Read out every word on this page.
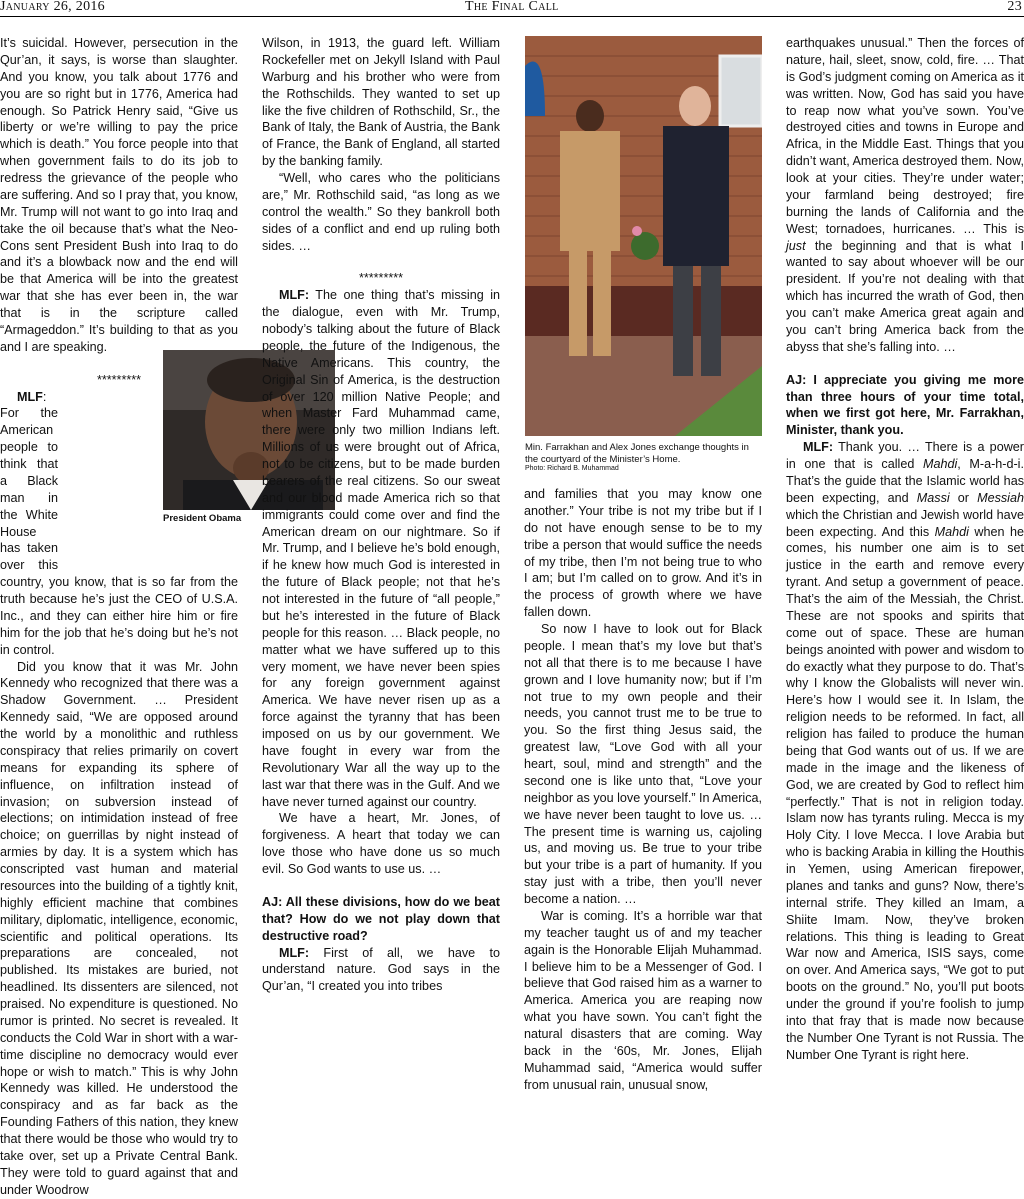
January 26, 2016	The Final Call	23
President Obama
Min. Farrakhan and Alex Jones exchange thoughts in the courtyard of the Minister’s Home.
Photo: Richard B. Muhammad

It’s suicidal. However, persecution in the Qur’an, it says, is worse than slaughter. And you know, you talk about 1776 and you are so right but in 1776, America had enough. So Patrick Henry said, “Give us liberty or we’re willing to pay the price which is death.” You force people into that when government fails to do its job to redress the grievance of the people who are suffering. And so I pray that, you know, Mr. Trump will not want to go into Iraq and take the oil because that’s what the Neo-Cons sent President Bush into Iraq to do and it’s a blowback now and the end will be that America will be into the greatest war that she has ever been in, the war that is in the scripture called “Armageddon.” It’s building to that as you and I are speaking.

*********

MLF: For the American people to think that a Black man in the White House has taken over this country, you know, that is so far from the truth because he’s just the CEO of U.S.A. Inc., and they can either hire him or fire him for the job that he’s doing but he’s not in control.

Did you know that it was Mr. John Kennedy who recognized that there was a Shadow Government. … President Kennedy said, “We are opposed around the world by a monolithic and ruthless conspiracy that relies primarily on covert means for expanding its sphere of influence, on infiltration instead of invasion; on subversion instead of elections; on intimidation instead of free choice; on guerrillas by night instead of armies by day. It is a system which has conscripted vast human and material resources into the building of a tightly knit, highly efficient machine that combines military, diplomatic, intelligence, economic, scientific and political operations. Its preparations are concealed, not published. Its mistakes are buried, not headlined. Its dissenters are silenced, not praised. No expenditure is questioned. No rumor is printed. No secret is revealed. It conducts the Cold War in short with a war-time discipline no democracy would ever hope or wish to match.” This is why John Kennedy was killed. He understood the conspiracy and as far back as the Founding Fathers of this nation, they knew that there would be those who would try to take over, set up a Private Central Bank. They were told to guard against that and under Woodrow

Wilson, in 1913, the guard left. William Rockefeller met on Jekyll Island with Paul Warburg and his brother who were from the Rothschilds. They wanted to set up like the five children of Rothschild, Sr., the Bank of Italy, the Bank of Austria, the Bank of France, the Bank of England, all started by the banking family.

“Well, who cares who the politicians are,” Mr. Rothschild said, “as long as we control the wealth.” So they bankroll both sides of a conflict and end up ruling both sides. …

*********

MLF: The one thing that’s missing in the dialogue, even with Mr. Trump, nobody’s talking about the future of Black people, the future of the Indigenous, the Native Americans. This country, the Original Sin of America, is the destruction of over 120 million Native People; and when Master Fard Muhammad came, there were only two million Indians left. Millions of us were brought out of Africa, not to be citizens, but to be made burden bearers of the real citizens. So our sweat and our blood made America rich so that immigrants could come over and find the American dream on our nightmare. So if Mr. Trump, and I believe he’s bold enough, if he knew how much God is interested in the future of Black people; not that he’s not interested in the future of “all people,” but he’s interested in the future of Black people for this reason. … Black people, no matter what we have suffered up to this very moment, we have never been spies for any foreign government against America. We have never risen up as a force against the tyranny that has been imposed on us by our government. We have fought in every war from the Revolutionary War all the way up to the last war that there was in the Gulf. And we have never turned against our country.

We have a heart, Mr. Jones, of forgiveness. A heart that today we can love those who have done us so much evil. So God wants to use us. …

AJ: All these divisions, how do we beat that? How do we not play down that destructive road?

MLF: First of all, we have to understand nature. God says in the Qur’an, “I created you into tribes

and families that you may know one another.” Your tribe is not my tribe but if I do not have enough sense to be to my tribe a person that would suffice the needs of my tribe, then I’m not being true to who I am; but I’m called on to grow. And it’s in the process of growth where we have fallen down.

So now I have to look out for Black people. I mean that’s my love but that’s not all that there is to me because I have grown and I love humanity now; but if I’m not true to my own people and their needs, you cannot trust me to be true to you. So the first thing Jesus said, the greatest law, “Love God with all your heart, soul, mind and strength” and the second one is like unto that, “Love your neighbor as you love yourself.” In America, we have never been taught to love us. … The present time is warning us, cajoling us, and moving us. Be true to your tribe but your tribe is a part of humanity. If you stay just with a tribe, then you’ll never become a nation. …

War is coming. It’s a horrible war that my teacher taught us of and my teacher again is the Honorable Elijah Muhammad. I believe him to be a Messenger of God. I believe that God raised him as a warner to America. America you are reaping now what you have sown. You can’t fight the natural disasters that are coming. Way back in the ‘60s, Mr. Jones, Elijah Muhammad said, “America would suffer from unusual rain, unusual snow,

earthquakes unusual.” Then the forces of nature, hail, sleet, snow, cold, fire. … That is God’s judgment coming on America as it was written. Now, God has said you have to reap now what you’ve sown. You’ve destroyed cities and towns in Europe and Africa, in the Middle East. Things that you didn’t want, America destroyed them. Now, look at your cities. They’re under water; your farmland being destroyed; fire burning the lands of California and the West; tornadoes, hurricanes. … This is just the beginning and that is what I wanted to say about whoever will be our president. If you’re not dealing with that which has incurred the wrath of God, then you can’t make America great again and you can’t bring America back from the abyss that she’s falling into. …

AJ: I appreciate you giving me more than three hours of your time total, when we first got here, Mr. Farrakhan, Minister, thank you.

MLF: Thank you. … There is a power in one that is called Mahdi, M-a-h-d-i. That’s the guide that the Islamic world has been expecting, and Massi or Messiah which the Christian and Jewish world have been expecting. And this Mahdi when he comes, his number one aim is to set justice in the earth and remove every tyrant. And setup a government of peace. That’s the aim of the Messiah, the Christ. These are not spooks and spirits that come out of space. These are human beings anointed with power and wisdom to do exactly what they purpose to do. That’s why I know the Globalists will never win. Here’s how I would see it. In Islam, the religion needs to be reformed. In fact, all religion has failed to produce the human being that God wants out of us. If we are made in the image and the likeness of God, we are created by God to reflect him “perfectly.” That is not in religion today. Islam now has tyrants ruling. Mecca is my Holy City. I love Mecca. I love Arabia but who is backing Arabia in killing the Houthis in Yemen, using American firepower, planes and tanks and guns? Now, there’s internal strife. They killed an Imam, a Shiite Imam. Now, they’ve broken relations. This thing is leading to Great War now and America, ISIS says, come on over. And America says, “We got to put boots on the ground.” No, you’ll put boots under the ground if you’re foolish to jump into that fray that is made now because the Number One Tyrant is not Russia. The Number One Tyrant is right here.
